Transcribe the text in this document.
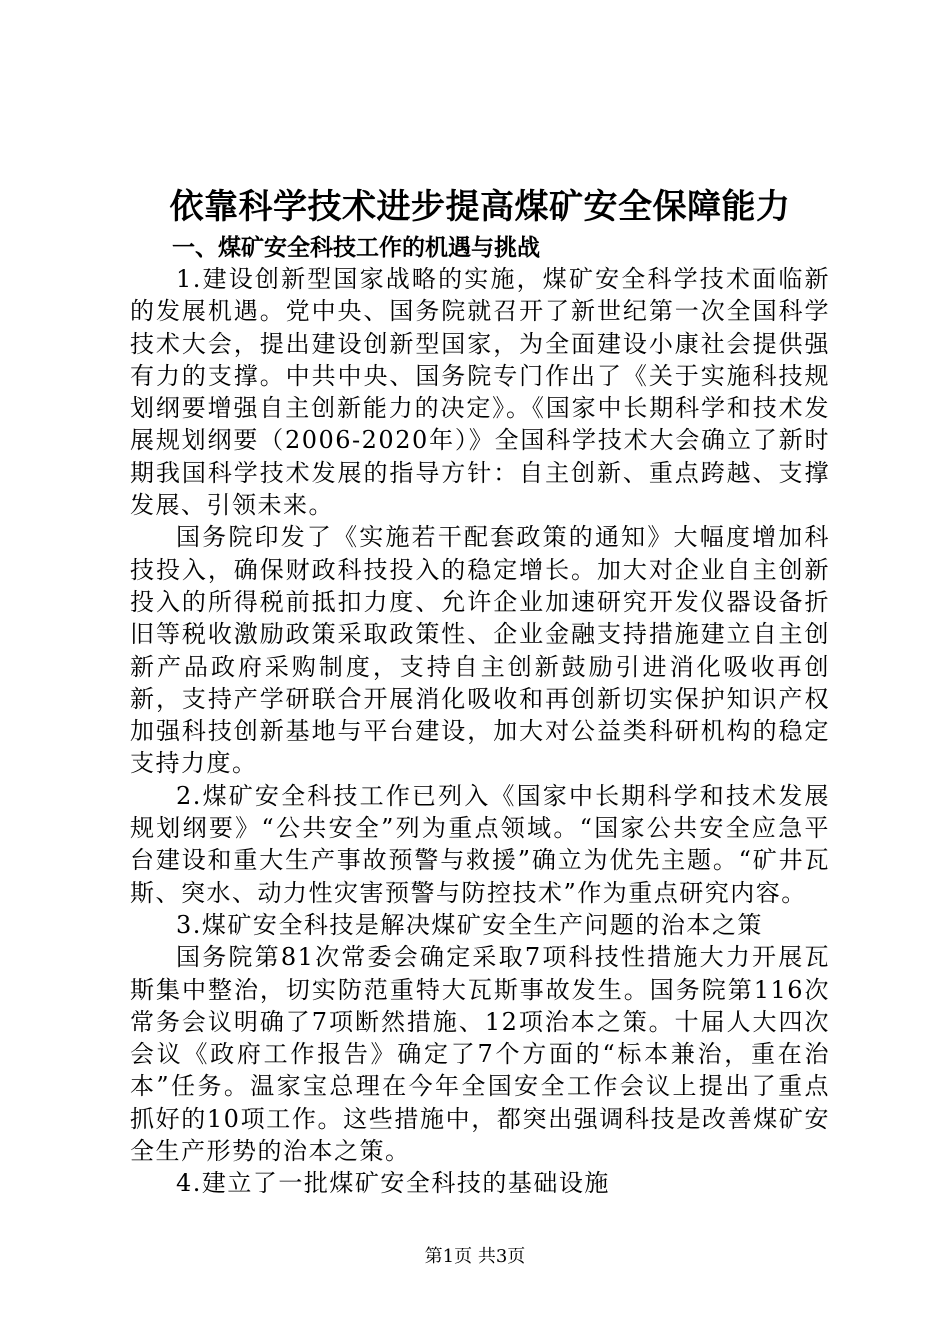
依靠科学技术进步提高煤矿安全保障能力
一、煤矿安全科技工作的机遇与挑战

1.建设创新型国家战略的实施，煤矿安全科学技术面临新的发展机遇。党中央、国务院就召开了新世纪第一次全国科学技术大会，提出建设创新型国家，为全面建设小康社会提供强有力的支撑。中共中央、国务院专门作出了《关于实施科技规划纲要增强自主创新能力的决定》。《国家中长期科学和技术发展规划纲要（2006-2020年）》全国科学技术大会确立了新时期我国科学技术发展的指导方针：自主创新、重点跨越、支撑发展、引领未来。

国务院印发了《实施若干配套政策的通知》大幅度增加科技投入，确保财政科技投入的稳定增长。加大对企业自主创新投入的所得税前抵扣力度、允许企业加速研究开发仪器设备折旧等税收激励政策采取政策性、企业金融支持措施建立自主创新产品政府采购制度，支持自主创新鼓励引进消化吸收再创新，支持产学研联合开展消化吸收和再创新切实保护知识产权加强科技创新基地与平台建设，加大对公益类科研机构的稳定支持力度。

2.煤矿安全科技工作已列入《国家中长期科学和技术发展规划纲要》“公共安全”列为重点领域。“国家公共安全应急平台建设和重大生产事故预警与救援”确立为优先主题。“矿井瓦斯、突水、动力性灾害预警与防控技术”作为重点研究内容。

3.煤矿安全科技是解决煤矿安全生产问题的治本之策

国务院第81次常委会确定采取7项科技性措施大力开展瓦斯集中整治，切实防范重特大瓦斯事故发生。国务院第116次常务会议明确了7项断然措施、12项治本之策。十届人大四次会议《政府工作报告》确定了7个方面的“标本兼治，重在治本”任务。温家宝总理在今年全国安全工作会议上提出了重点抓好的10项工作。这些措施中，都突出强调科技是改善煤矿安全生产形势的治本之策。

4.建立了一批煤矿安全科技的基础设施

第1页 共3页
